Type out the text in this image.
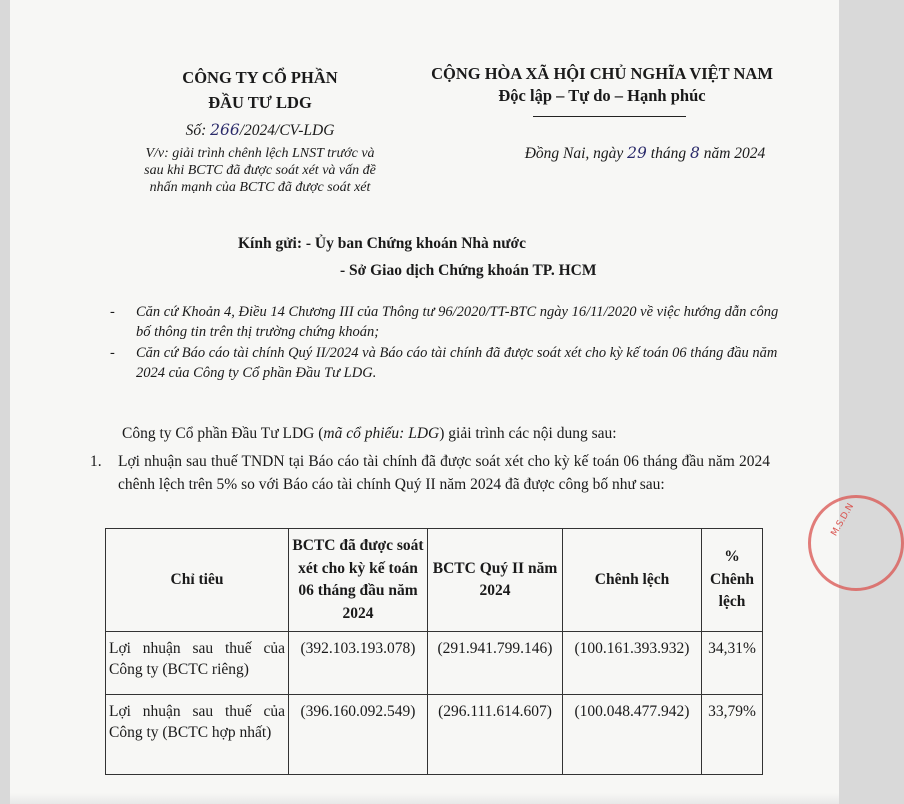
CÔNG TY CỔ PHẦN
ĐẦU TƯ LDG
CỘNG HÒA XÃ HỘI CHỦ NGHĨA VIỆT NAM
Độc lập – Tự do – Hạnh phúc
Số: 266/2024/CV-LDG
V/v: giải trình chênh lệch LNST trước và
sau khi BCTC đã được soát xét và vấn đề
nhấn mạnh của BCTC đã được soát xét
Đồng Nai, ngày 29 tháng 8 năm 2024
Kính gửi: - Ủy ban Chứng khoán Nhà nước
- Sở Giao dịch Chứng khoán TP. HCM
-	Căn cứ Khoản 4, Điều 14 Chương III của Thông tư 96/2020/TT-BTC ngày 16/11/2020 về việc hướng dẫn công bố thông tin trên thị trường chứng khoán;
-	Căn cứ Báo cáo tài chính Quý II/2024 và Báo cáo tài chính đã được soát xét cho kỳ kế toán 06 tháng đầu năm 2024 của Công ty Cổ phần Đầu Tư LDG.
Công ty Cổ phần Đầu Tư LDG (mã cổ phiếu: LDG) giải trình các nội dung sau:
1. Lợi nhuận sau thuế TNDN tại Báo cáo tài chính đã được soát xét cho kỳ kế toán 06 tháng đầu năm 2024 chênh lệch trên 5% so với Báo cáo tài chính Quý II năm 2024 đã được công bố như sau:
Chỉ tiêu	BCTC đã được soát xét cho kỳ kế toán 06 tháng đầu năm 2024	BCTC Quý II năm 2024	Chênh lệch	% Chênh lệch
Lợi nhuận sau thuế của Công ty (BCTC riêng)	(392.103.193.078)	(291.941.799.146)	(100.161.393.932)	34,31%
Lợi nhuận sau thuế của Công ty (BCTC hợp nhất)	(396.160.092.549)	(296.111.614.607)	(100.048.477.942)	33,79%
M.S.D.N
